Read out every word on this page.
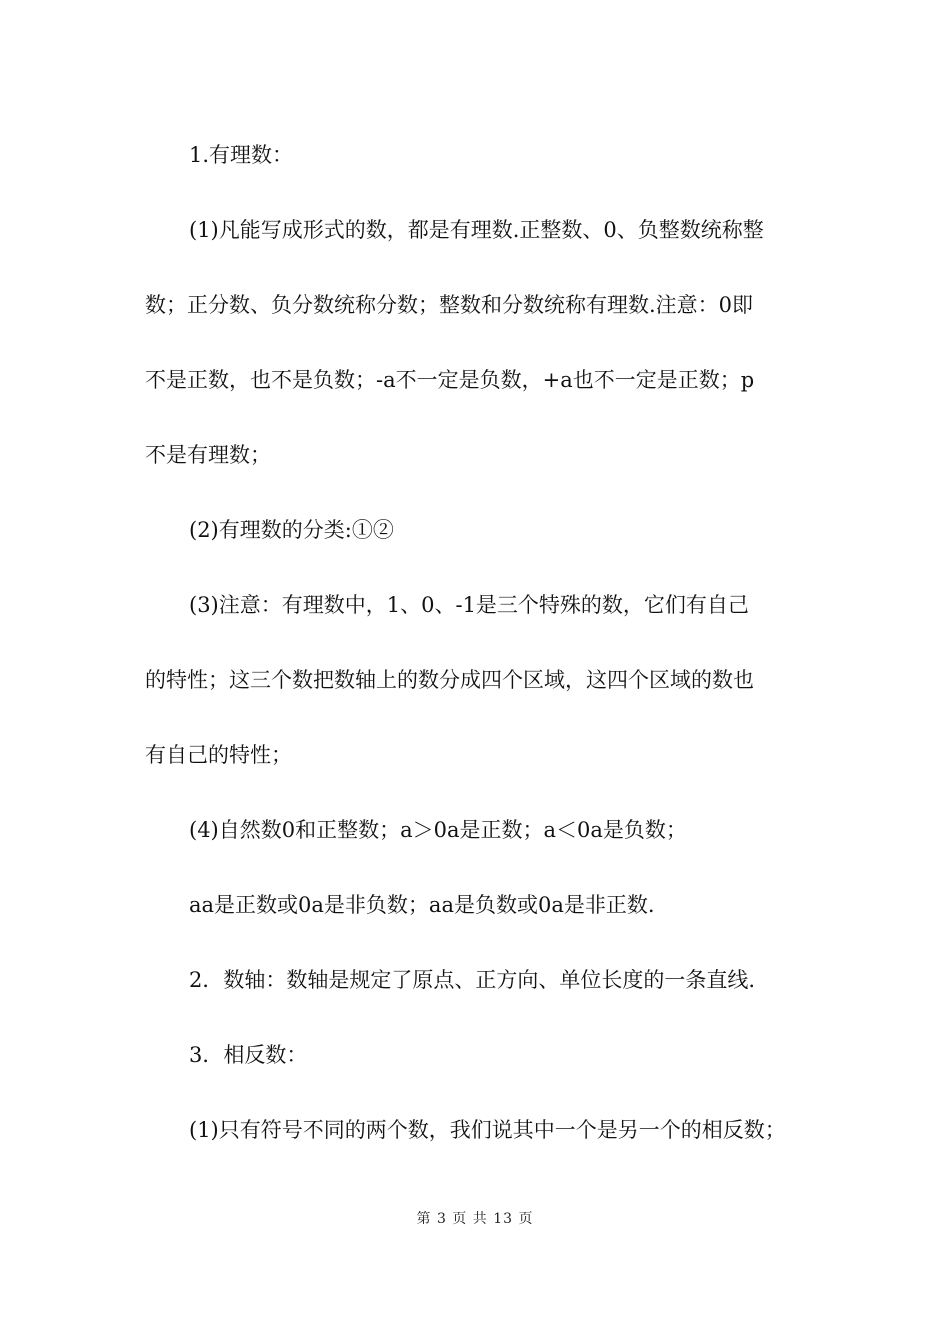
1.有理数：
(1)凡能写成形式的数，都是有理数.正整数、0、负整数统称整
数；正分数、负分数统称分数；整数和分数统称有理数.注意：0即
不是正数，也不是负数；-a不一定是负数，+a也不一定是正数；p
不是有理数；
(2)有理数的分类:①②
(3)注意：有理数中，1、0、-1是三个特殊的数，它们有自己
的特性；这三个数把数轴上的数分成四个区域，这四个区域的数也
有自己的特性；
(4)自然数0和正整数；a＞0a是正数；a＜0a是负数；
aa是正数或0a是非负数；aa是负数或0a是非正数.
2．数轴：数轴是规定了原点、正方向、单位长度的一条直线.
3．相反数：
(1)只有符号不同的两个数，我们说其中一个是另一个的相反数；
第 3 页 共 13 页
